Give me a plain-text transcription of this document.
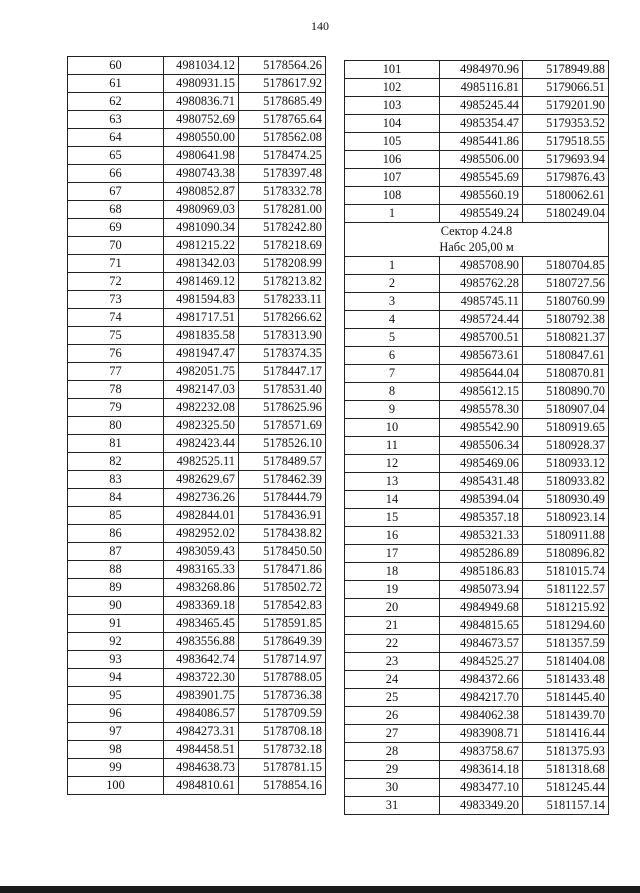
140
60	4981034.12	5178564.26
61	4980931.15	5178617.92
62	4980836.71	5178685.49
63	4980752.69	5178765.64
64	4980550.00	5178562.08
65	4980641.98	5178474.25
66	4980743.38	5178397.48
67	4980852.87	5178332.78
68	4980969.03	5178281.00
69	4981090.34	5178242.80
70	4981215.22	5178218.69
71	4981342.03	5178208.99
72	4981469.12	5178213.82
73	4981594.83	5178233.11
74	4981717.51	5178266.62
75	4981835.58	5178313.90
76	4981947.47	5178374.35
77	4982051.75	5178447.17
78	4982147.03	5178531.40
79	4982232.08	5178625.96
80	4982325.50	5178571.69
81	4982423.44	5178526.10
82	4982525.11	5178489.57
83	4982629.67	5178462.39
84	4982736.26	5178444.79
85	4982844.01	5178436.91
86	4982952.02	5178438.82
87	4983059.43	5178450.50
88	4983165.33	5178471.86
89	4983268.86	5178502.72
90	4983369.18	5178542.83
91	4983465.45	5178591.85
92	4983556.88	5178649.39
93	4983642.74	5178714.97
94	4983722.30	5178788.05
95	4983901.75	5178736.38
96	4984086.57	5178709.59
97	4984273.31	5178708.18
98	4984458.51	5178732.18
99	4984638.73	5178781.15
100	4984810.61	5178854.16
101	4984970.96	5178949.88
102	4985116.81	5179066.51
103	4985245.44	5179201.90
104	4985354.47	5179353.52
105	4985441.86	5179518.55
106	4985506.00	5179693.94
107	4985545.69	5179876.43
108	4985560.19	5180062.61
1	4985549.24	5180249.04

Сектор 4.24.8
Набс 205,00 м		

1	4985708.90	5180704.85
2	4985762.28	5180727.56
3	4985745.11	5180760.99
4	4985724.44	5180792.38
5	4985700.51	5180821.37
6	4985673.61	5180847.61
7	4985644.04	5180870.81
8	4985612.15	5180890.70
9	4985578.30	5180907.04
10	4985542.90	5180919.65
11	4985506.34	5180928.37
12	4985469.06	5180933.12
13	4985431.48	5180933.82
14	4985394.04	5180930.49
15	4985357.18	5180923.14
16	4985321.33	5180911.88
17	4985286.89	5180896.82
18	4985186.83	5181015.74
19	4985073.94	5181122.57
20	4984949.68	5181215.92
21	4984815.65	5181294.60
22	4984673.57	5181357.59
23	4984525.27	5181404.08
24	4984372.66	5181433.48
25	4984217.70	5181445.40
26	4984062.38	5181439.70
27	4983908.71	5181416.44
28	4983758.67	5181375.93
29	4983614.18	5181318.68
30	4983477.10	5181245.44
31	4983349.20	5181157.14
